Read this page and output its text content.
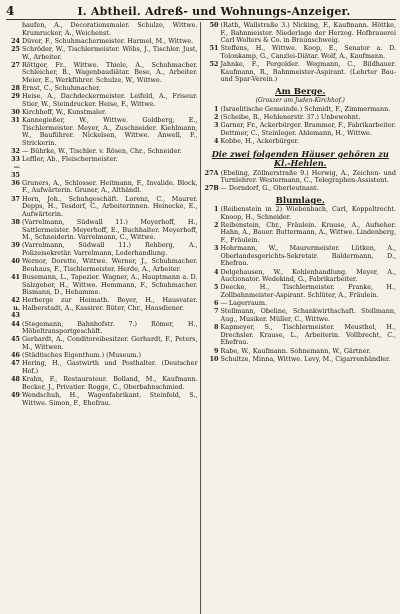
4	I. Abtheil. Adreß- und Wohnungs-Anzeiger.
haufen, A., Decorationsmaler. Schulze, Wittwe. Krumrucker, A., Weichenst.
24 Düver, F., Schuhmachermeister. Harmel, M., Wittwe.
25 Schröder, W., Tischlermeister. Wöbs, J., Tischler. Just, W., Arbeiter.
27 Röttger, Fr., Wittwe. Thiele, A., Schuhmacher. Schleicher, B., Wagenbaudiätar. Bese, A., Arbeiter. Meier, E., Werkführer. Schulze, W., Wittwe.
28 Ernst, C., Schuhmacher.
29 Heise, A., Dachdeckermeister. Leifeld, A., Friseur. Stier, W., Steindrucker. Heise, F., Wittwe.
30 Kirchhoff, W., Kunstmaler.
31 Kannegießer, W., Wittwe. Goldberg, E., Tischlermeister. Meyer, A., Zuschneider. Kiehlmann, W., Bauführer. Nickelsen, Wittwe. Anwell, F., Strickerin.
32 — Bührke, W., Tischler. v. Rösen, Chr., Schneider.
33—35
Leffler, Ab., Fleischermeister.
36 Gruners, A., Schlosser. Heitmann, F., Invalide. Block, F., Aufwärterin. Gruner, A., Althändl.
37 Horn, Joh., Schuhgeschäft. Lorenz, C., Maurer. Depps, H., Tesdorf, C., Arbeiterinnen. Heinecke, E., Aufwärterin.
38 (Varrelmann, Südwall 11.) Meyerhoff, H., Sattlermeister. Meyerhoff, E., Buchhalter. Meyerhoff, M., Schneiderin. Varrelmann, C., Wittwe.
39 (Varrelmann, Südwall 11.) Rehberg, A., Polizeisekretär. Varrelmann, Lederhandlung.
40 Wernor, Dorette, Wittwe. Werner, J., Schuhmacher. Beuhaus, F., Tischlermeister. Herde, A., Arbeiter.
41 Busemann, L., Tapezier. Wagner, A., Hauptmann a. D. Salzgeber, H., Wittwe. Hemmann, F., Schuhmacher. Bismann, D., Hebamme.
42 u. 43
Herberge zur Heimath. Beyer, H., Hausvater. Halberstadt, A., Kassirer. Rüter, Chr., Hausdiener.
44 (Stegemann, Bahnhofstr. 7.) Römer, H., Möbeltransportgeschäft.
45 Gerhardt, A., Conditoreibesitzer. Gerhardt, F., Peters, M., Wittwen.
46 (Städtisches Eigenthum.) (Museum.)
47 Hering, H., Gastwirth und Posthalter. (Deutscher Hof.)
48 Krahn, F., Restaurateur. Bolland, M., Kaufmann. Becker, J., Privatier. Rogge, C., Oberbahnschmied.
49 Wendschuh, H., Wagenfabrikant. Steinfeld, S., Wittwe. Simon, F., Ehefrau.
50 (Rath, Wallstraße 3.) Nicking, F., Kaufmann. Höttke, F., Bahnmeister. Niederlage der Herzog. Hofbrauerei Carl Wolters & Co. in Braunschweig.
51 Steffens, H., Wittwe. Koop, E., Senator a. D. Tolonkamp, G., Canzlei-Diätar. Wolf, A., Kaufmann.
52 Jahnke, F., Pergolder. Wegmann, C., Bildhauer. Kaufmann, R., Bahnmeister-Aspirant. (Lehrter Bau- und Spar-Verein.)
Am Berge.
(Groszer am Juden-Kirchhof.)
1 (Israelitische Gemeinde.) Schmidt, F., Zimmermann.
2 (Scheibe, R., Hehlenerstr. 37.) Unbewohnt.
3 Garner, Fr., Ackerbürger. Brammer, F., Fabrikarbeiter. Dettmer, C., Steinleger. Ahlemann, H., Wittwe.
4 Kobbe, H., Ackerbürger.
Die zwei folgenden Häuser gehören zu Kl.-Hehlen.
27A (Ebeling, Zöllnerstraße 9.) Herwig, A., Zeichen- und Turnlehrer. Westermann, C., Telegraphen-Assistent.
27B — Dorndorf, G., Oberleutnant.
Blumlage.
1 (Reibenstein in 2) Wiebenbach, Carl, Koppeltrecht. Knoop, H., Schneider.
2 Reibenstein, Chr., Fräulein. Krause, A., Aufseher. Hahn, A., Bauer. Buttermann, A., Wittwe. Lindenberg, F., Fräulein.
3 Hohrmann, W., Maurermeister. Lütken, A., Oberlandesgerichts-Sekretair. Baldermann, D., Ehefrau.
4 Delgehausen, W., Kohlenhandlung. Meyer, A., Auctionator. Wedekind, G., Fabrikarbeiter.
5 Deecke, H., Tischlermeister. Franke, H., Zollbahnmeister-Aspirant. Schlüter, A., Fräulein.
6 — Lagerraum.
7 Stellmann, Obeline, Schankwirthschaft. Stellmann, Aug., Musiker. Müller, C., Wittwe.
8 Kapmeyer, S., Tischlermeister. Meusthel, H., Drechsler. Krause, L., Arbeiterin. Vollbrecht, C., Ehefrau.
9 Rabe, W., Kaufmann. Sohnemann, W., Gärtner.
10 Schultze, Minna, Wittwe. Levy, M., Cigarrenhändler.
